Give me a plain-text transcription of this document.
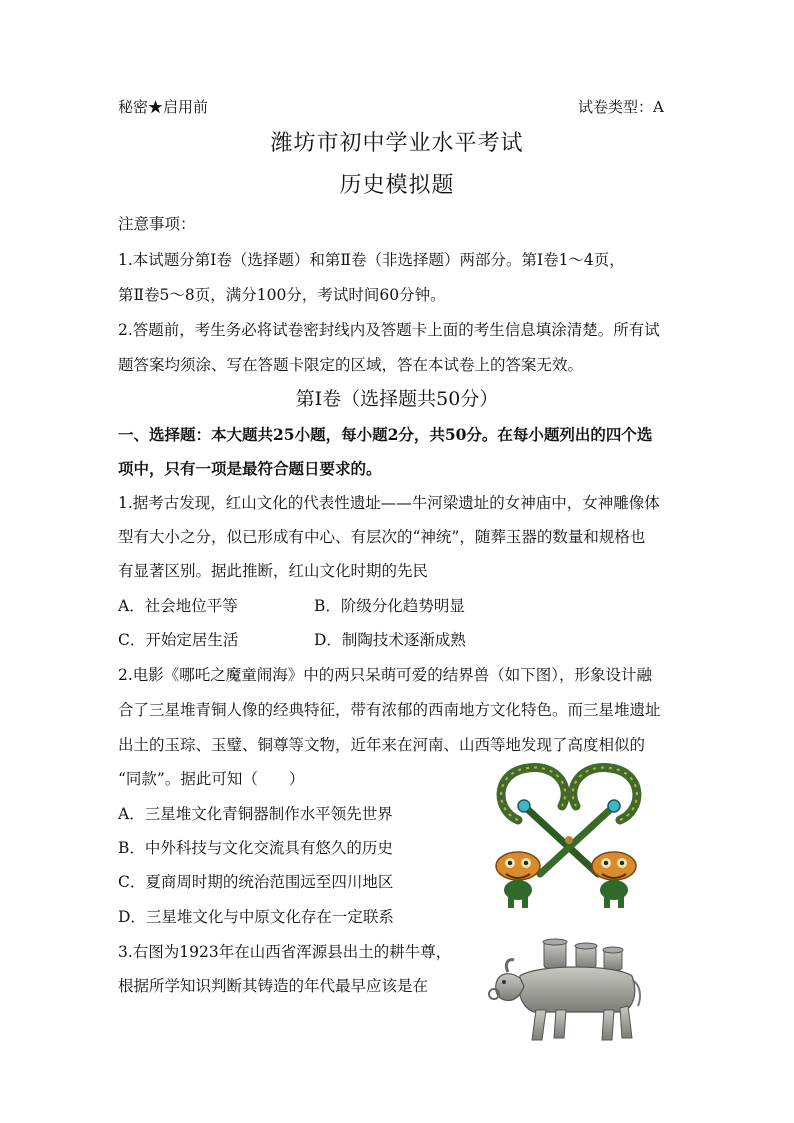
秘密★启用前	试卷类型：A
潍坊市初中学业水平考试
历史模拟题
注意事项：
1.本试题分第Ⅰ卷（选择题）和第Ⅱ卷（非选择题）两部分。第Ⅰ卷1～4页，
第Ⅱ卷5～8页，满分100分，考试时间60分钟。
2.答题前，考生务必将试卷密封线内及答题卡上面的考生信息填涂清楚。所有试
题答案均须涂、写在答题卡限定的区域，答在本试卷上的答案无效。
第Ⅰ卷（选择题共50分）
一、选择题：本大题共25小题，每小题2分，共50分。在每小题列出的四个选
项中，只有一项是最符合题日要求的。
1.据考古发现，红山文化的代表性遗址——牛河梁遗址的女神庙中，女神雕像体
型有大小之分，似已形成有中心、有层次的“神统”，随葬玉器的数量和规格也
有显著区别。据此推断，红山文化时期的先民
A．社会地位平等	B．阶级分化趋势明显
C．开始定居生活	D．制陶技术逐渐成熟
2.电影《哪吒之魔童闹海》中的两只呆萌可爱的结界兽（如下图），形象设计融
合了三星堆青铜人像的经典特征，带有浓郁的西南地方文化特色。而三星堆遗址
出土的玉琮、玉璧、铜尊等文物，近年来在河南、山西等地发现了高度相似的
“同款”。据此可知（　　）
A．三星堆文化青铜器制作水平领先世界
B．中外科技与文化交流具有悠久的历史
C．夏商周时期的统治范围远至四川地区
D．三星堆文化与中原文化存在一定联系
3.右图为1923年在山西省浑源县出土的耕牛尊，
根据所学知识判断其铸造的年代最早应该是在
